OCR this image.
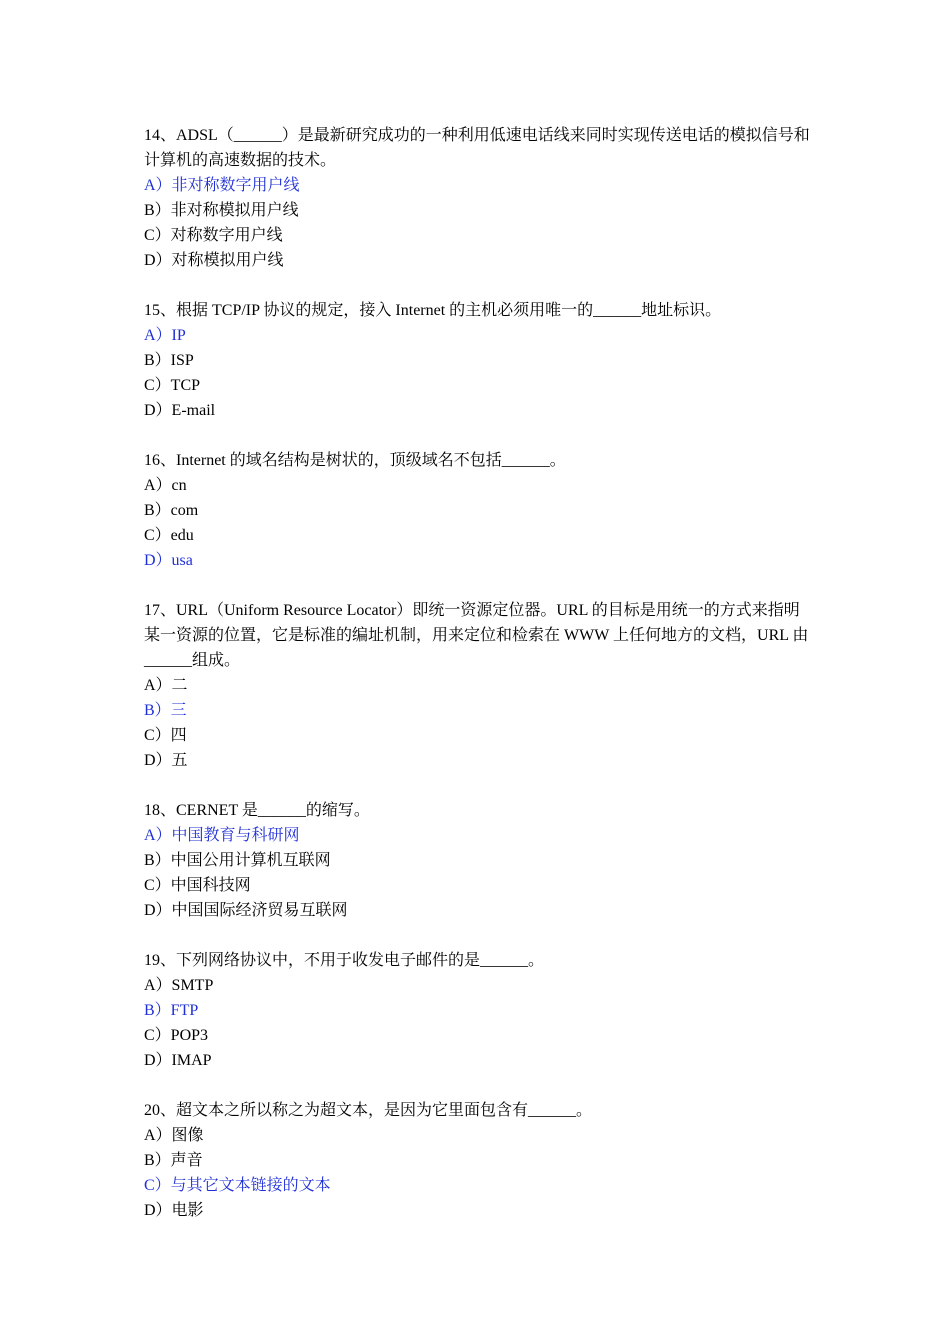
14、ADSL（______）是最新研究成功的一种利用低速电话线来同时实现传送电话的模拟信号和计算机的高速数据的技术。

A）非对称数字用户线
B）非对称模拟用户线
C）对称数字用户线
D）对称模拟用户线

15、根据 TCP/IP 协议的规定，接入 Internet 的主机必须用唯一的______地址标识。

A）IP
B）ISP
C）TCP
D）E-mail

16、Internet 的域名结构是树状的，顶级域名不包括______。

A）cn
B）com
C）edu
D）usa

17、URL（Uniform Resource Locator）即统一资源定位器。URL 的目标是用统一的方式来指明某一资源的位置，它是标准的编址机制，用来定位和检索在 WWW 上任何地方的文档，URL 由______组成。

A）二
B）三
C）四
D）五

18、CERNET 是______的缩写。

A）中国教育与科研网
B）中国公用计算机互联网
C）中国科技网
D）中国国际经济贸易互联网

19、下列网络协议中，不用于收发电子邮件的是______。

A）SMTP
B）FTP
C）POP3
D）IMAP

20、超文本之所以称之为超文本，是因为它里面包含有______。

A）图像
B）声音
C）与其它文本链接的文本
D）电影
